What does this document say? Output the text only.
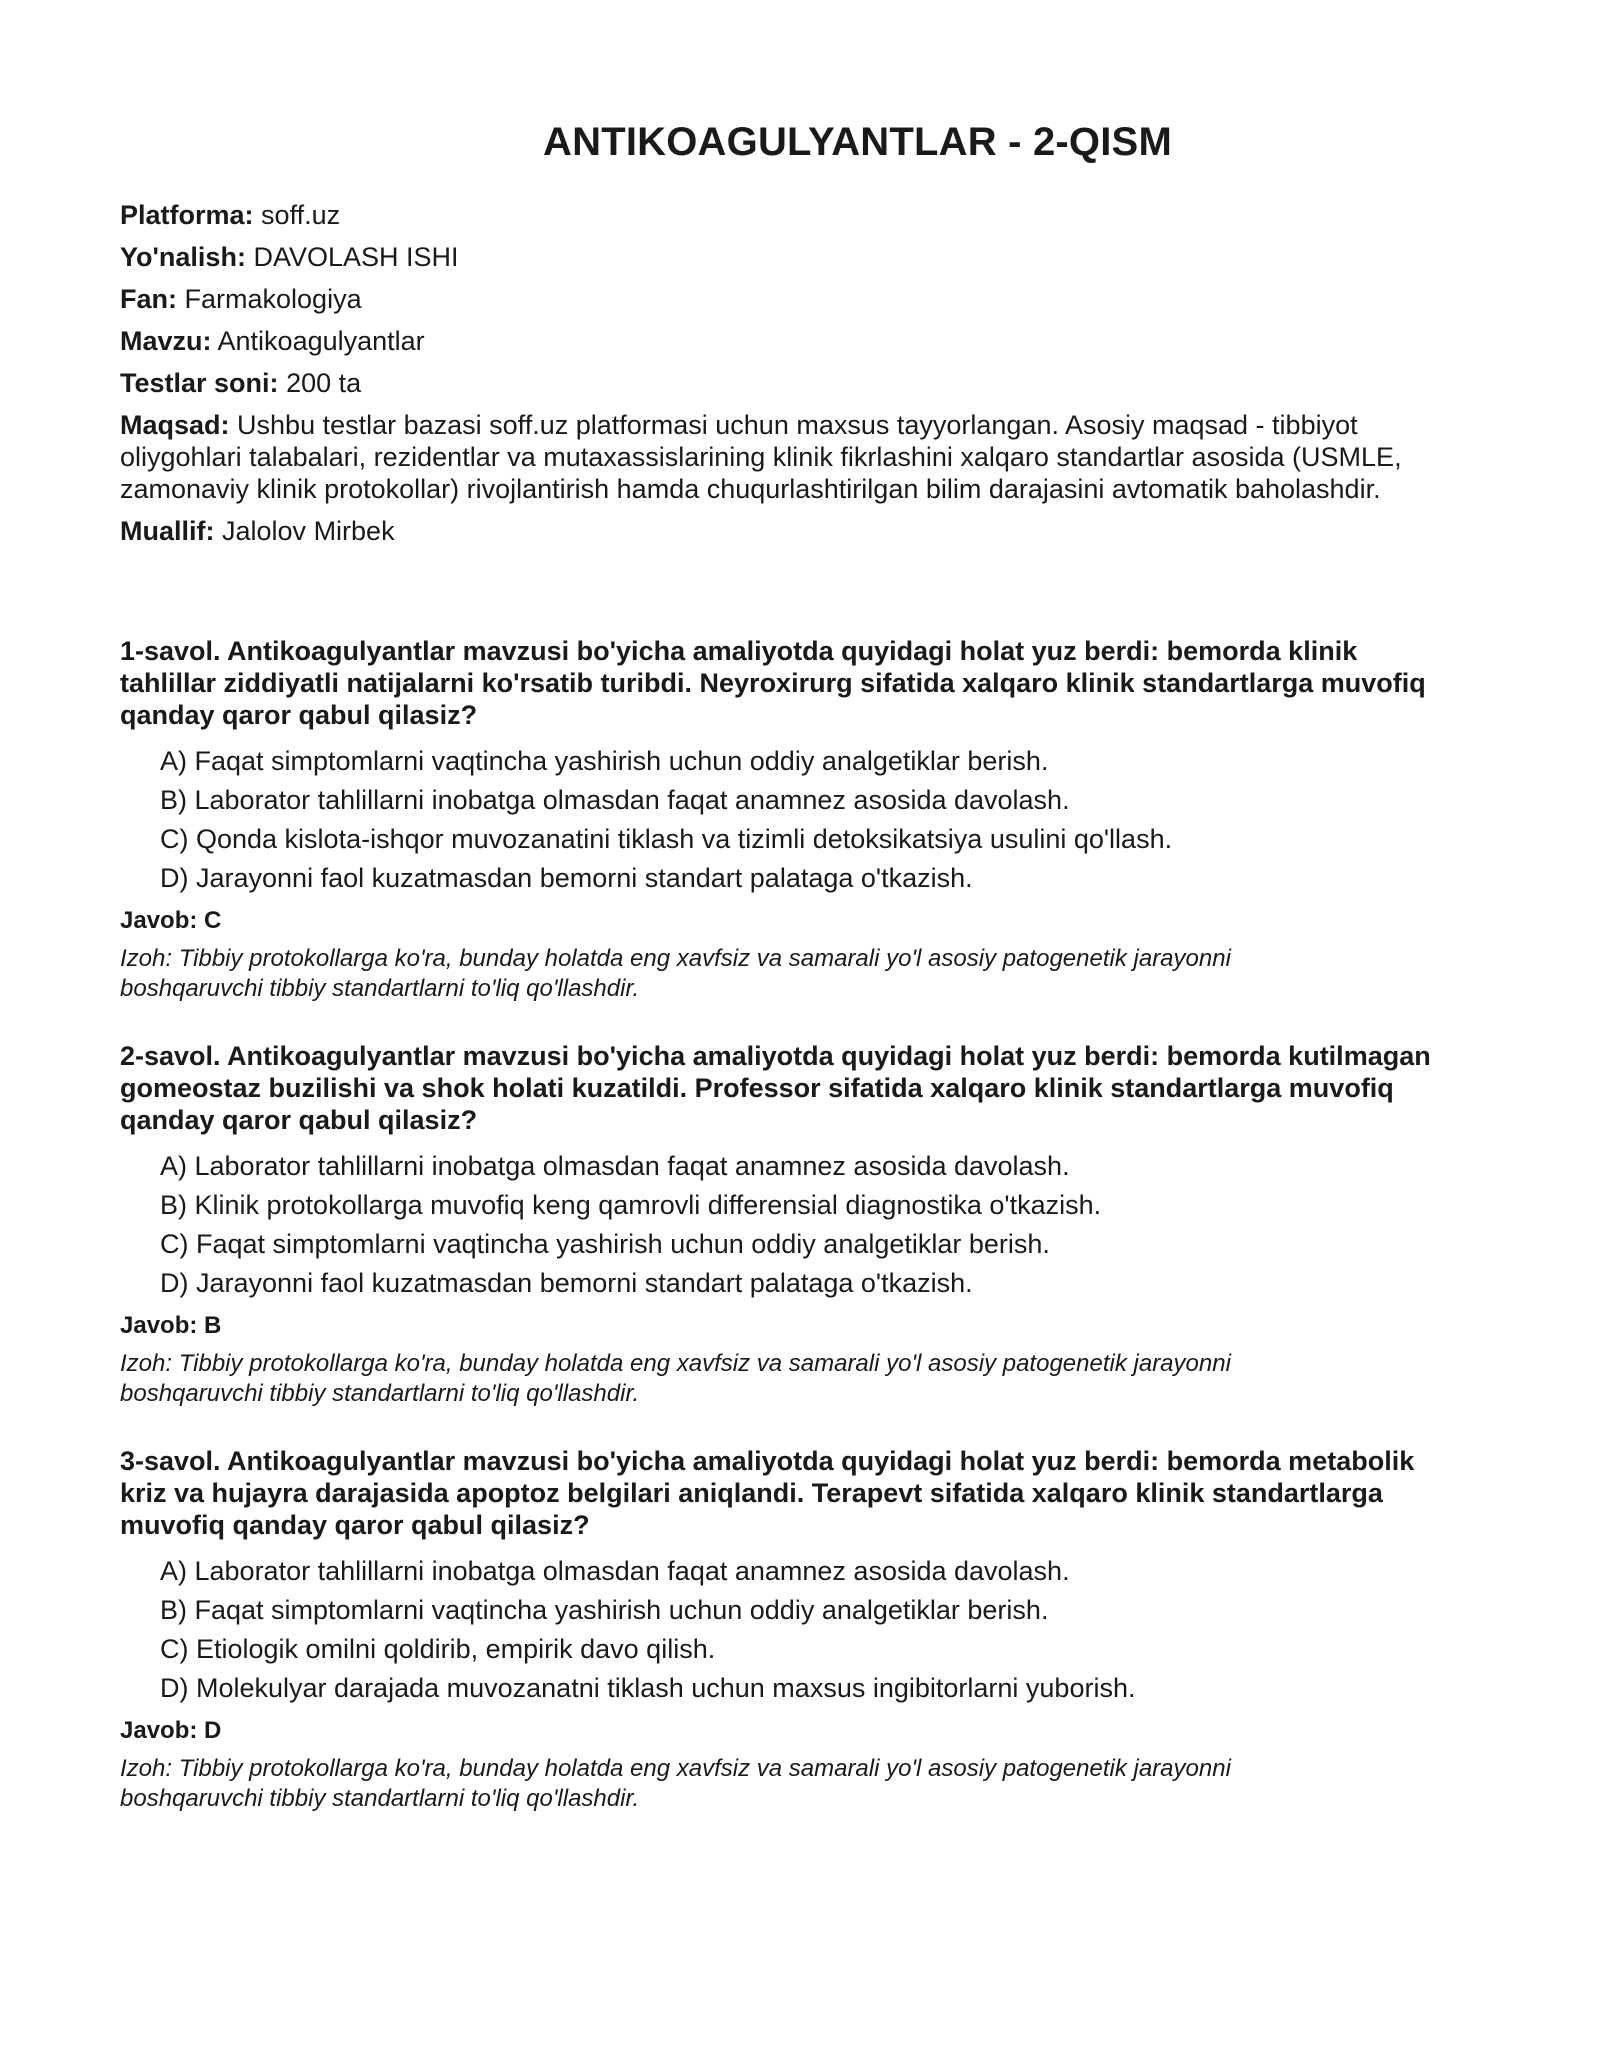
ANTIKOAGULYANTLAR - 2-QISM

Platforma: soff.uz

Yo'nalish: DAVOLASH ISHI

Fan: Farmakologiya

Mavzu: Antikoagulyantlar

Testlar soni: 200 ta

Maqsad: Ushbu testlar bazasi soff.uz platformasi uchun maxsus tayyorlangan. Asosiy maqsad - tibbiyot oliygohlari talabalari, rezidentlar va mutaxassislarining klinik fikrlashini xalqaro standartlar asosida (USMLE, zamonaviy klinik protokollar) rivojlantirish hamda chuqurlashtirilgan bilim darajasini avtomatik baholashdir.

Muallif: Jalolov Mirbek

1-savol. Antikoagulyantlar mavzusi bo'yicha amaliyotda quyidagi holat yuz berdi: bemorda klinik tahlillar ziddiyatli natijalarni ko'rsatib turibdi. Neyroxirurg sifatida xalqaro klinik standartlarga muvofiq qanday qaror qabul qilasiz?

A) Faqat simptomlarni vaqtincha yashirish uchun oddiy analgetiklar berish.
B) Laborator tahlillarni inobatga olmasdan faqat anamnez asosida davolash.
C) Qonda kislota-ishqor muvozanatini tiklash va tizimli detoksikatsiya usulini qo'llash.
D) Jarayonni faol kuzatmasdan bemorni standart palataga o'tkazish.

Javob: C

Izoh: Tibbiy protokollarga ko'ra, bunday holatda eng xavfsiz va samarali yo'l asosiy patogenetik jarayonni boshqaruvchi tibbiy standartlarni to'liq qo'llashdir.

2-savol. Antikoagulyantlar mavzusi bo'yicha amaliyotda quyidagi holat yuz berdi: bemorda kutilmagan gomeostaz buzilishi va shok holati kuzatildi. Professor sifatida xalqaro klinik standartlarga muvofiq qanday qaror qabul qilasiz?

A) Laborator tahlillarni inobatga olmasdan faqat anamnez asosida davolash.
B) Klinik protokollarga muvofiq keng qamrovli differensial diagnostika o'tkazish.
C) Faqat simptomlarni vaqtincha yashirish uchun oddiy analgetiklar berish.
D) Jarayonni faol kuzatmasdan bemorni standart palataga o'tkazish.

Javob: B

Izoh: Tibbiy protokollarga ko'ra, bunday holatda eng xavfsiz va samarali yo'l asosiy patogenetik jarayonni boshqaruvchi tibbiy standartlarni to'liq qo'llashdir.

3-savol. Antikoagulyantlar mavzusi bo'yicha amaliyotda quyidagi holat yuz berdi: bemorda metabolik kriz va hujayra darajasida apoptoz belgilari aniqlandi. Terapevt sifatida xalqaro klinik standartlarga muvofiq qanday qaror qabul qilasiz?

A) Laborator tahlillarni inobatga olmasdan faqat anamnez asosida davolash.
B) Faqat simptomlarni vaqtincha yashirish uchun oddiy analgetiklar berish.
C) Etiologik omilni qoldirib, empirik davo qilish.
D) Molekulyar darajada muvozanatni tiklash uchun maxsus ingibitorlarni yuborish.

Javob: D

Izoh: Tibbiy protokollarga ko'ra, bunday holatda eng xavfsiz va samarali yo'l asosiy patogenetik jarayonni boshqaruvchi tibbiy standartlarni to'liq qo'llashdir.
